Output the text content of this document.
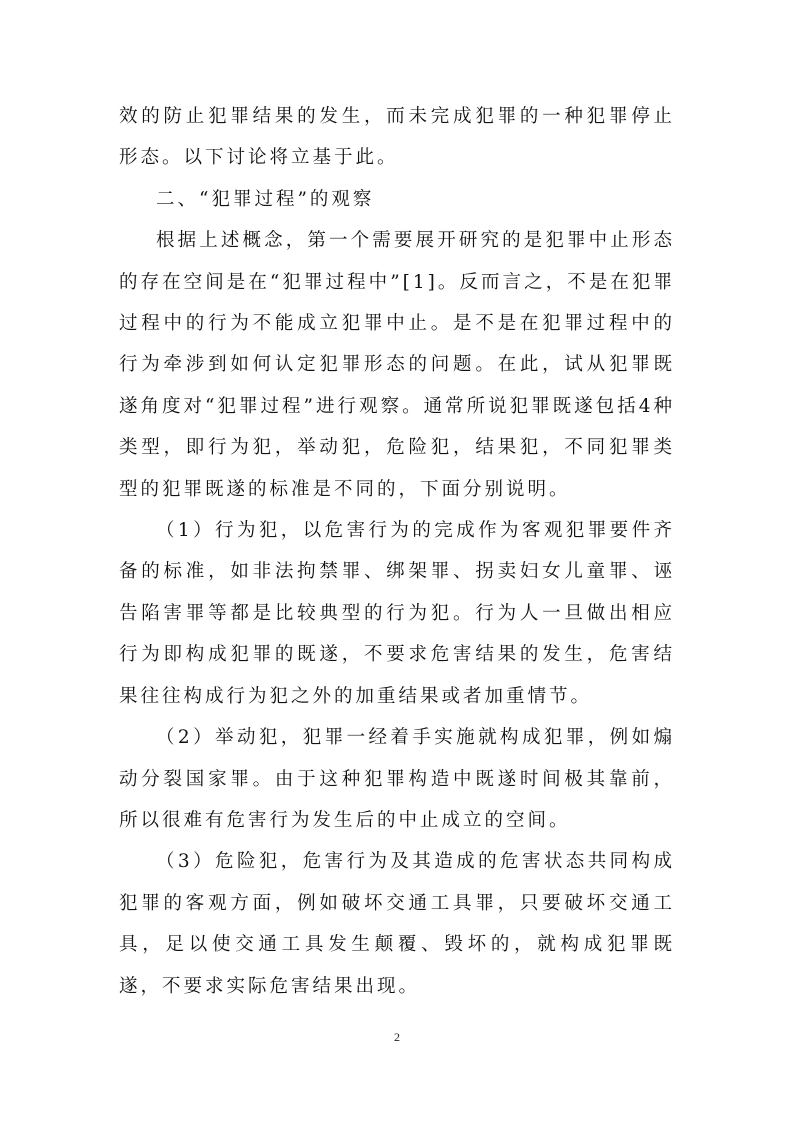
效的防止犯罪结果的发生，而未完成犯罪的一种犯罪停止形态。以下讨论将立基于此。

二、“犯罪过程”的观察

根据上述概念，第一个需要展开研究的是犯罪中止形态的存在空间是在“犯罪过程中”[1]。反而言之，不是在犯罪过程中的行为不能成立犯罪中止。是不是在犯罪过程中的行为牵涉到如何认定犯罪形态的问题。在此，试从犯罪既遂角度对“犯罪过程”进行观察。通常所说犯罪既遂包括4种类型，即行为犯，举动犯，危险犯，结果犯，不同犯罪类型的犯罪既遂的标准是不同的，下面分别说明。

（1）行为犯，以危害行为的完成作为客观犯罪要件齐备的标准，如非法拘禁罪、绑架罪、拐卖妇女儿童罪、诬告陷害罪等都是比较典型的行为犯。行为人一旦做出相应行为即构成犯罪的既遂，不要求危害结果的发生，危害结果往往构成行为犯之外的加重结果或者加重情节。

（2）举动犯，犯罪一经着手实施就构成犯罪，例如煽动分裂国家罪。由于这种犯罪构造中既遂时间极其靠前，所以很难有危害行为发生后的中止成立的空间。

（3）危险犯，危害行为及其造成的危害状态共同构成犯罪的客观方面，例如破坏交通工具罪，只要破坏交通工具，足以使交通工具发生颠覆、毁坏的，就构成犯罪既遂，不要求实际危害结果出现。

2
